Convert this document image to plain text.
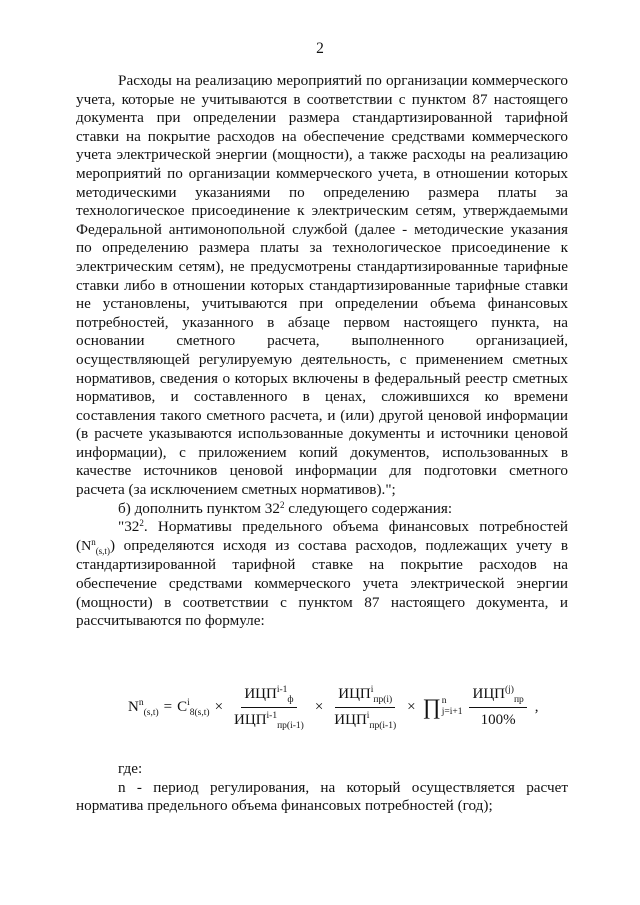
2

Расходы на реализацию мероприятий по организации коммерческого учета, которые не учитываются в соответствии с пунктом 87 настоящего документа при определении размера стандартизированной тарифной ставки на покрытие расходов на обеспечение средствами коммерческого учета электрической энергии (мощности), а также расходы на реализацию мероприятий по организации коммерческого учета, в отношении которых методическими указаниями по определению размера платы за технологическое присоединение к электрическим сетям, утверждаемыми Федеральной антимонопольной службой (далее - методические указания по определению размера платы за технологическое присоединение к электрическим сетям), не предусмотрены стандартизированные тарифные ставки либо в отношении которых стандартизированные тарифные ставки не установлены, учитываются при определении объема финансовых потребностей, указанного в абзаце первом настоящего пункта, на основании сметного расчета, выполненного организацией, осуществляющей регулируемую деятельность, с применением сметных нормативов, сведения о которых включены в федеральный реестр сметных нормативов, и составленного в ценах, сложившихся ко времени составления такого сметного расчета, и (или) другой ценовой информации (в расчете указываются использованные документы и источники ценовой информации), с приложением копий документов, использованных в качестве источников ценовой информации для подготовки сметного расчета (за исключением сметных нормативов).";

б) дополнить пунктом $32^2$ следующего содержания:

"$32^2$. Нормативы предельного объема финансовых потребностей $(N^n_{(s,t)})$ определяются исходя из состава расходов, подлежащих учету в стандартизированной тарифной ставке на покрытие расходов на обеспечение средствами коммерческого учета электрической энергии (мощности) в соответствии с пунктом 87 настоящего документа, и рассчитываются по формуле:

$N^n_{(s,t)} = C^i_{8(s,t)} \times \frac{ИЦП^{i-1}_ф}{ИЦП^{i-1}_{пр(i-1)}} \times \frac{ИЦП^i_{пр(i)}}{ИЦП^i_{пр(i-1)}}$ × ∏ n
$j=i+1 \frac{ИЦП^{(j)}_{пр}}{100\%}$ ,

где:

n - период регулирования, на который осуществляется расчет норматива предельного объема финансовых потребностей (год);
